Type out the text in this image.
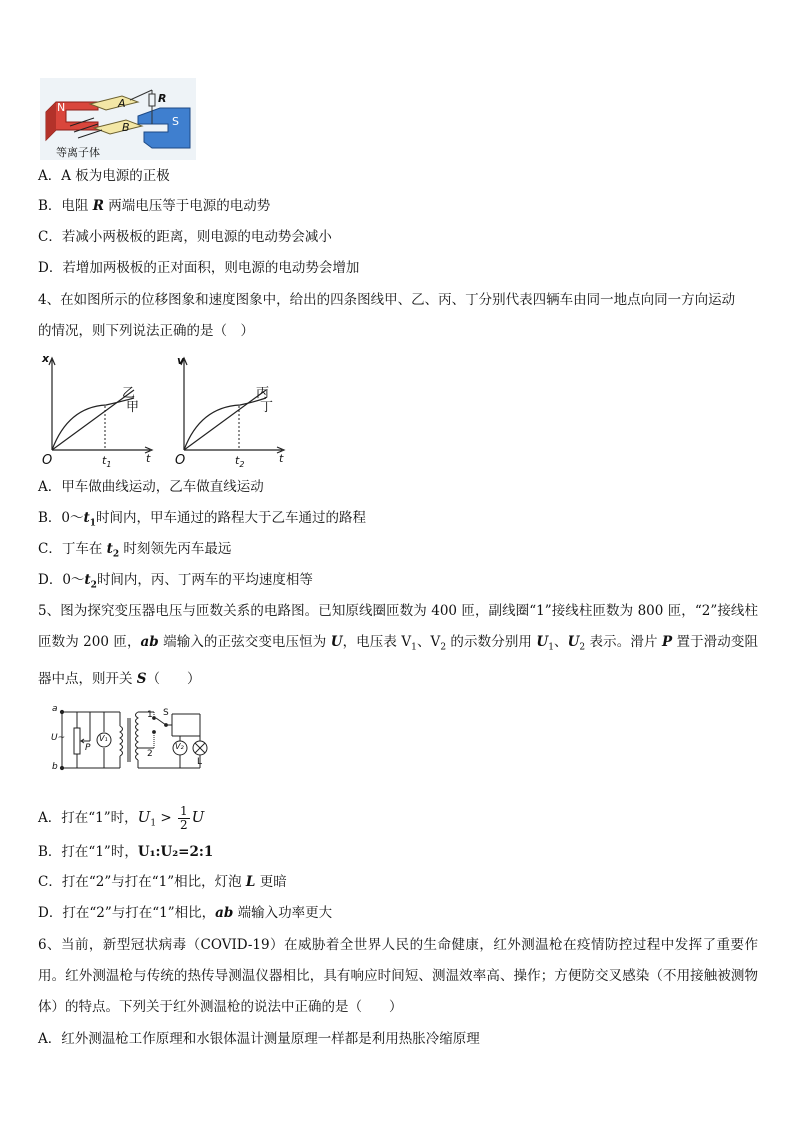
N
S
A
B
R
等离子体
A．A 板为电源的正极
B．电阻 R 两端电压等于电源的电动势
C．若减小两极板的距离，则电源的电动势会减小
D．若增加两极板的正对面积，则电源的电动势会增加
4、在如图所示的位移图象和速度图象中，给出的四条图线甲、乙、丙、丁分别代表四辆车由同一地点向同一方向运动
的情况，则下列说法正确的是（　）
x
t
O	$t_1$
乙
甲
v
t
O	$t_2$
丙
丁
A．甲车做曲线运动，乙车做直线运动
B．$0\sim t_1$时间内，甲车通过的路程大于乙车通过的路程
C．丁车在 $t_2$ 时刻领先丙车最远
D．$0\sim t_2$时间内，丙、丁两车的平均速度相等
5、图为探究变压器电压与匝数关系的电路图。已知原线圈匝数为 400 匝，副线圈“1”接线柱匝数为 800 匝，“2”接线柱匝数为 200 匝，ab 端输入的正弦交变电压恒为 U，电压表 $V_1$、$V_2$ 的示数分别用 $U_1$、$U_2$ 表示。滑片 P 置于滑动变阻器中点，则开关 S（　　）
a
b
U~
P
V₁
1
2
S
V₂
L
A．打在“1”时，$U_1 > \frac{1}{2}$ U
B．打在“1”时，U₁:U₂=2:1
C．打在“2”与打在“1”相比，灯泡 L 更暗
D．打在“2”与打在“1”相比，ab 端输入功率更大
6、当前，新型冠状病毒（COVID-19）在威胁着全世界人民的生命健康，红外测温枪在疫情防控过程中发挥了重要作用。红外测温枪与传统的热传导测温仪器相比，具有响应时间短、测温效率高、操作；方便防交叉感染（不用接触被测物体）的特点。下列关于红外测温枪的说法中正确的是（　　）
A．红外测温枪工作原理和水银体温计测量原理一样都是利用热胀冷缩原理
